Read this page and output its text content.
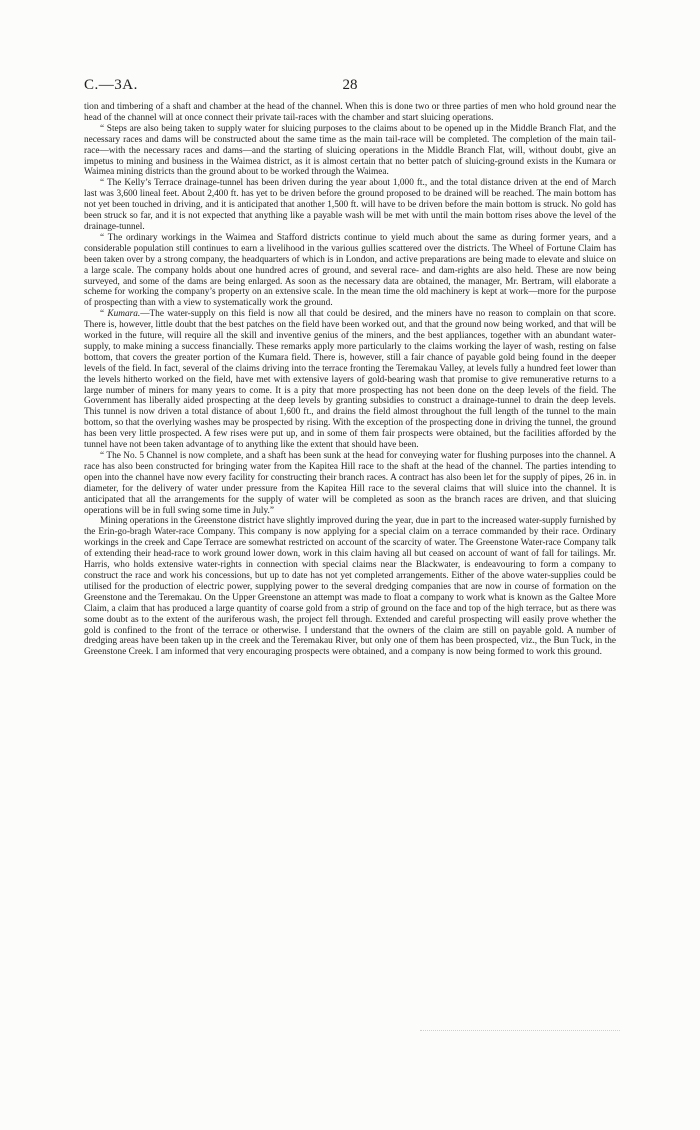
C.—3A.	28

tion and timbering of a shaft and chamber at the head of the channel. When this is done two or three parties of men who hold ground near the head of the channel will at once connect their private tail-races with the chamber and start sluicing operations.

“ Steps are also being taken to supply water for sluicing purposes to the claims about to be opened up in the Middle Branch Flat, and the necessary races and dams will be constructed about the same time as the main tail-race will be completed. The completion of the main tail-race—with the necessary races and dams—and the starting of sluicing operations in the Middle Branch Flat, will, without doubt, give an impetus to mining and business in the Waimea district, as it is almost certain that no better patch of sluicing-ground exists in the Kumara or Waimea mining districts than the ground about to be worked through the Waimea.

“ The Kelly’s Terrace drainage-tunnel has been driven during the year about 1,000 ft., and the total distance driven at the end of March last was 3,600 lineal feet. About 2,400 ft. has yet to be driven before the ground proposed to be drained will be reached. The main bottom has not yet been touched in driving, and it is anticipated that another 1,500 ft. will have to be driven before the main bottom is struck. No gold has been struck so far, and it is not expected that anything like a payable wash will be met with until the main bottom rises above the level of the drainage-tunnel.

“ The ordinary workings in the Waimea and Stafford districts continue to yield much about the same as during former years, and a considerable population still continues to earn a livelihood in the various gullies scattered over the districts. The Wheel of Fortune Claim has been taken over by a strong company, the headquarters of which is in London, and active preparations are being made to elevate and sluice on a large scale. The company holds about one hundred acres of ground, and several race- and dam-rights are also held. These are now being surveyed, and some of the dams are being enlarged. As soon as the necessary data are obtained, the manager, Mr. Bertram, will elaborate a scheme for working the company’s property on an extensive scale. In the mean time the old machinery is kept at work—more for the purpose of prospecting than with a view to systematically work the ground.

“ Kumara.—The water-supply on this field is now all that could be desired, and the miners have no reason to complain on that score. There is, however, little doubt that the best patches on the field have been worked out, and that the ground now being worked, and that will be worked in the future, will require all the skill and inventive genius of the miners, and the best appliances, together with an abundant water-supply, to make mining a success financially. These remarks apply more particularly to the claims working the layer of wash, resting on false bottom, that covers the greater portion of the Kumara field. There is, however, still a fair chance of payable gold being found in the deeper levels of the field. In fact, several of the claims driving into the terrace fronting the Teremakau Valley, at levels fully a hundred feet lower than the levels hitherto worked on the field, have met with extensive layers of gold-bearing wash that promise to give remunerative returns to a large number of miners for many years to come. It is a pity that more prospecting has not been done on the deep levels of the field. The Government has liberally aided prospecting at the deep levels by granting subsidies to construct a drainage-tunnel to drain the deep levels. This tunnel is now driven a total distance of about 1,600 ft., and drains the field almost throughout the full length of the tunnel to the main bottom, so that the overlying washes may be prospected by rising. With the exception of the prospecting done in driving the tunnel, the ground has been very little prospected. A few rises were put up, and in some of them fair prospects were obtained, but the facilities afforded by the tunnel have not been taken advantage of to anything like the extent that should have been.

“ The No. 5 Channel is now complete, and a shaft has been sunk at the head for conveying water for flushing purposes into the channel. A race has also been constructed for bringing water from the Kapitea Hill race to the shaft at the head of the channel. The parties intending to open into the channel have now every facility for constructing their branch races. A contract has also been let for the supply of pipes, 26 in. in diameter, for the delivery of water under pressure from the Kapitea Hill race to the several claims that will sluice into the channel. It is anticipated that all the arrangements for the supply of water will be completed as soon as the branch races are driven, and that sluicing operations will be in full swing some time in July.”

Mining operations in the Greenstone district have slightly improved during the year, due in part to the increased water-supply furnished by the Erin-go-bragh Water-race Company. This company is now applying for a special claim on a terrace commanded by their race. Ordinary workings in the creek and Cape Terrace are somewhat restricted on account of the scarcity of water. The Greenstone Water-race Company talk of extending their head-race to work ground lower down, work in this claim having all but ceased on account of want of fall for tailings. Mr. Harris, who holds extensive water-rights in connection with special claims near the Blackwater, is endeavouring to form a company to construct the race and work his concessions, but up to date has not yet completed arrangements. Either of the above water-supplies could be utilised for the production of electric power, supplying power to the several dredging companies that are now in course of formation on the Greenstone and the Teremakau. On the Upper Greenstone an attempt was made to float a company to work what is known as the Galtee More Claim, a claim that has produced a large quantity of coarse gold from a strip of ground on the face and top of the high terrace, but as there was some doubt as to the extent of the auriferous wash, the project fell through. Extended and careful prospecting will easily prove whether the gold is confined to the front of the terrace or otherwise. I understand that the owners of the claim are still on payable gold. A number of dredging areas have been taken up in the creek and the Teremakau River, but only one of them has been prospected, viz., the Bun Tuck, in the Greenstone Creek. I am informed that very encouraging prospects were obtained, and a company is now being formed to work this ground.
